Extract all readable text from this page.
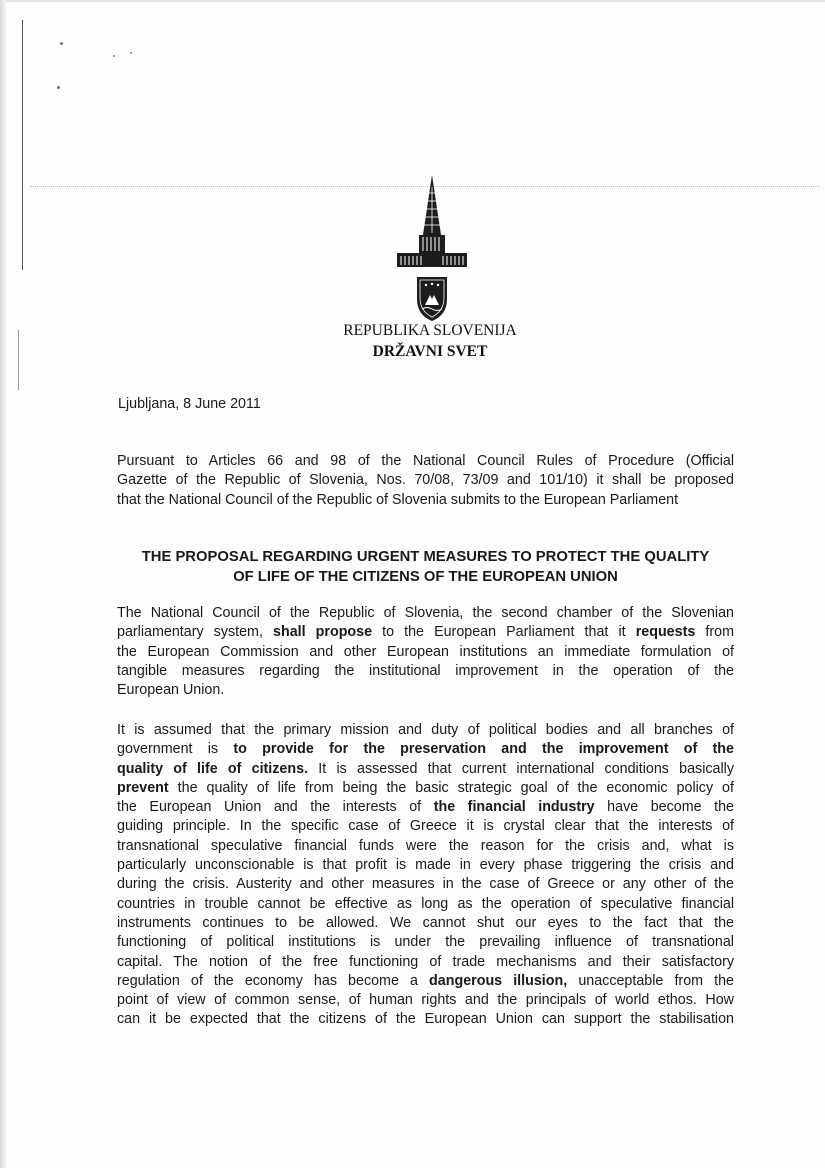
REPUBLIKA SLOVENIJA
DRŽAVNI SVET
Ljubljana, 8 June 2011
Pursuant to Articles 66 and 98 of the National Council Rules of Procedure (Official
Gazette of the Republic of Slovenia, Nos. 70/08, 73/09 and 101/10) it shall be proposed
that the National Council of the Republic of Slovenia submits to the European Parliament
THE PROPOSAL REGARDING URGENT MEASURES TO PROTECT THE QUALITY
OF LIFE OF THE CITIZENS OF THE EUROPEAN UNION
The National Council of the Republic of Slovenia, the second chamber of the Slovenian
parliamentary system, shall propose to the European Parliament that it requests from
the European Commission and other European institutions an immediate formulation of
tangible measures regarding the institutional improvement in the operation of the
European Union.
It is assumed that the primary mission and duty of political bodies and all branches of
government is to provide for the preservation and the improvement of the
quality of life of citizens. It is assessed that current international conditions basically
prevent the quality of life from being the basic strategic goal of the economic policy of
the European Union and the interests of the financial industry have become the
guiding principle. In the specific case of Greece it is crystal clear that the interests of
transnational speculative financial funds were the reason for the crisis and, what is
particularly unconscionable is that profit is made in every phase triggering the crisis and
during the crisis. Austerity and other measures in the case of Greece or any other of the
countries in trouble cannot be effective as long as the operation of speculative financial
instruments continues to be allowed. We cannot shut our eyes to the fact that the
functioning of political institutions is under the prevailing influence of transnational
capital. The notion of the free functioning of trade mechanisms and their satisfactory
regulation of the economy has become a dangerous illusion, unacceptable from the
point of view of common sense, of human rights and the principals of world ethos. How
can it be expected that the citizens of the European Union can support the stabilisation
